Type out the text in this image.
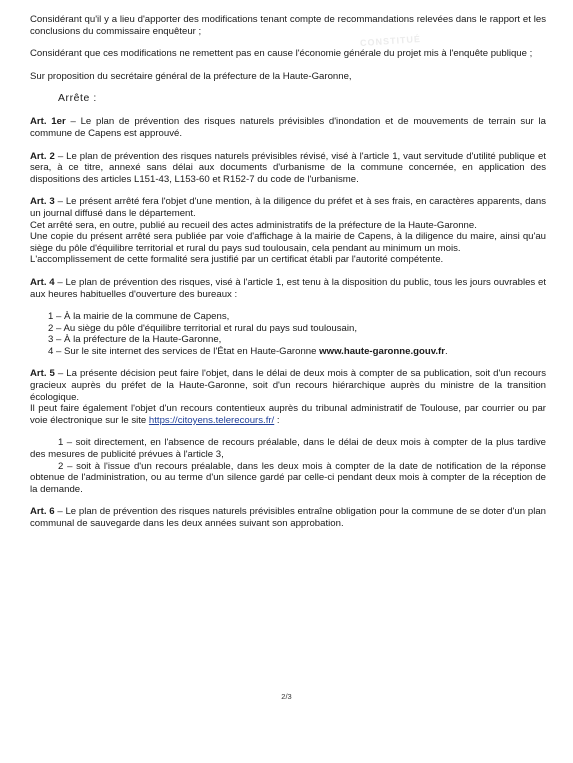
CONSTITUÉ

Considérant qu'il y a lieu d'apporter des modifications tenant compte de recommandations relevées dans le rapport et les conclusions du commissaire enquêteur ;

Considérant que ces modifications ne remettent pas en cause l'économie générale du projet mis à l'enquête publique ;

Sur proposition du secrétaire général de la préfecture de la Haute-Garonne,

Arrête :

Art. 1er – Le plan de prévention des risques naturels prévisibles d'inondation et de mouvements de terrain sur la commune de Capens est approuvé.

Art. 2 – Le plan de prévention des risques naturels prévisibles révisé, visé à l'article 1, vaut servitude d'utilité publique et sera, à ce titre, annexé sans délai aux documents d'urbanisme de la commune concernée, en application des dispositions des articles L151-43, L153-60 et R152-7 du code de l'urbanisme.

Art. 3 – Le présent arrêté fera l'objet d'une mention, à la diligence du préfet et à ses frais, en caractères apparents, dans un journal diffusé dans le département.

Cet arrêté sera, en outre, publié au recueil des actes administratifs de la préfecture de la Haute-Garonne.

Une copie du présent arrêté sera publiée par voie d'affichage à la mairie de Capens, à la diligence du maire, ainsi qu'au siège du pôle d'équilibre territorial et rural du pays sud toulousain, cela pendant au minimum un mois.

L'accomplissement de cette formalité sera justifié par un certificat établi par l'autorité compétente.

Art. 4 – Le plan de prévention des risques, visé à l'article 1, est tenu à la disposition du public, tous les jours ouvrables et aux heures habituelles d'ouverture des bureaux :

1 – À la mairie de la commune de Capens,
2 – Au siège du pôle d'équilibre territorial et rural du pays sud toulousain,
3 – À la préfecture de la Haute-Garonne,
4 – Sur le site internet des services de l'État en Haute-Garonne www.haute-garonne.gouv.fr.

Art. 5 – La présente décision peut faire l'objet, dans le délai de deux mois à compter de sa publication, soit d'un recours gracieux auprès du préfet de la Haute-Garonne, soit d'un recours hiérarchique auprès du ministre de la transition écologique.

Il peut faire également l'objet d'un recours contentieux auprès du tribunal administratif de Toulouse, par courrier ou par voie électronique sur le site https://citoyens.telerecours.fr/ :

1 – soit directement, en l'absence de recours préalable, dans le délai de deux mois à compter de la plus tardive des mesures de publicité prévues à l'article 3,

2 – soit à l'issue d'un recours préalable, dans les deux mois à compter de la date de notification de la réponse obtenue de l'administration, ou au terme d'un silence gardé par celle-ci pendant deux mois à compter de la réception de la demande.

Art. 6 – Le plan de prévention des risques naturels prévisibles entraîne obligation pour la commune de se doter d'un plan communal de sauvegarde dans les deux années suivant son approbation.

2/3
